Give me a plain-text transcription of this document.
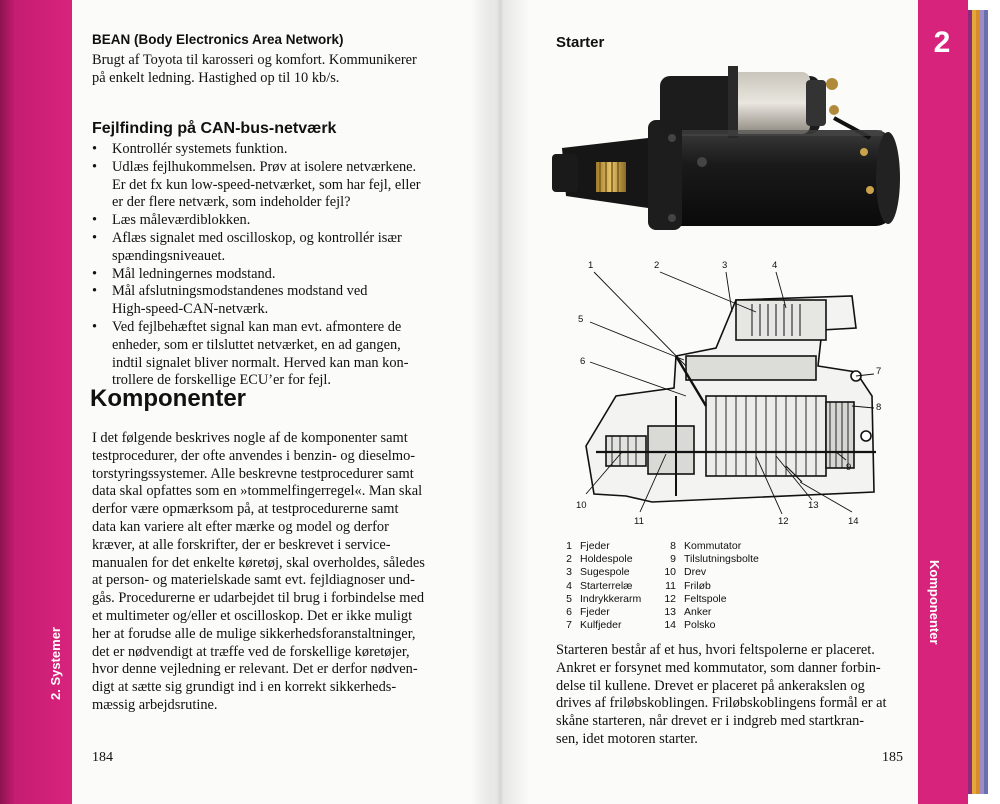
BEAN (Body Electronics Area Network)
Brugt af Toyota til karosseri og komfort. Kommunikerer
på enkelt ledning. Hastighed op til 10 kb/s.
Fejlfinding på CAN-bus-netværk
• Kontrollér systemets funktion.
• Udlæs fejlhukommelsen. Prøv at isolere netværkene.
Er det fx kun low-speed-netværket, som har fejl, eller
er der flere netværk, som indeholder fejl?
• Læs måleværdiblokken.
• Aflæs signalet med oscilloskop, og kontrollér især
spændingsniveauet.
• Mål ledningernes modstand.
• Mål afslutningsmodstandenes modstand ved
High-speed-CAN-netværk.
• Ved fejlbehæftet signal kan man evt. afmontere de
enheder, som er tilsluttet netværket, en ad gangen,
indtil signalet bliver normalt. Herved kan man kon-
trollere de forskellige ECU’er for fejl.
Komponenter
I det følgende beskrives nogle af de komponenter samt
testprocedurer, der ofte anvendes i benzin- og dieselmo-
torstyringssystemer. Alle beskrevne testprocedurer samt
data skal opfattes som en »tommelfingerregel«. Man skal
derfor være opmærksom på, at testprocedurerne samt
data kan variere alt efter mærke og model og derfor
kræver, at alle forskrifter, der er beskrevet i service-
manualen for det enkelte køretøj, skal overholdes, således
at person- og materielskade samt evt. fejldiagnoser und-
gås. Procedurerne er udarbejdet til brug i forbindelse med
et multimeter og/eller et oscilloskop. Det er ikke muligt
her at forudse alle de mulige sikkerhedsforanstaltninger,
det er nødvendigt at træffe ved de forskellige køretøjer,
hvor denne vejledning er relevant. Det er derfor nødven-
digt at sætte sig grundigt ind i en korrekt sikkerheds-
mæssig arbejdsrutine.
2. Systemer
184
Starter	2
Komponenter
1	2	3	4
5
6
7
8
9
10
11	12
13
14
1 Fjeder
2 Holdespole
3 Sugespole
4 Starterrelæ
5 Indrykkerarm
6 Fjeder
7 Kulfjeder
8 Kommutator
9 Tilslutningsbolte
10 Drev
11 Friløb
12 Feltspole
13 Anker
14 Polsko
Starteren består af et hus, hvori feltspolerne er placeret.
Ankret er forsynet med kommutator, som danner forbin-
delse til kullene. Drevet er placeret på ankerakslen og
drives af friløbskoblingen. Friløbskoblingens formål er at
skåne starteren, når drevet er i indgreb med startkran-
sen, idet motoren starter.
185
